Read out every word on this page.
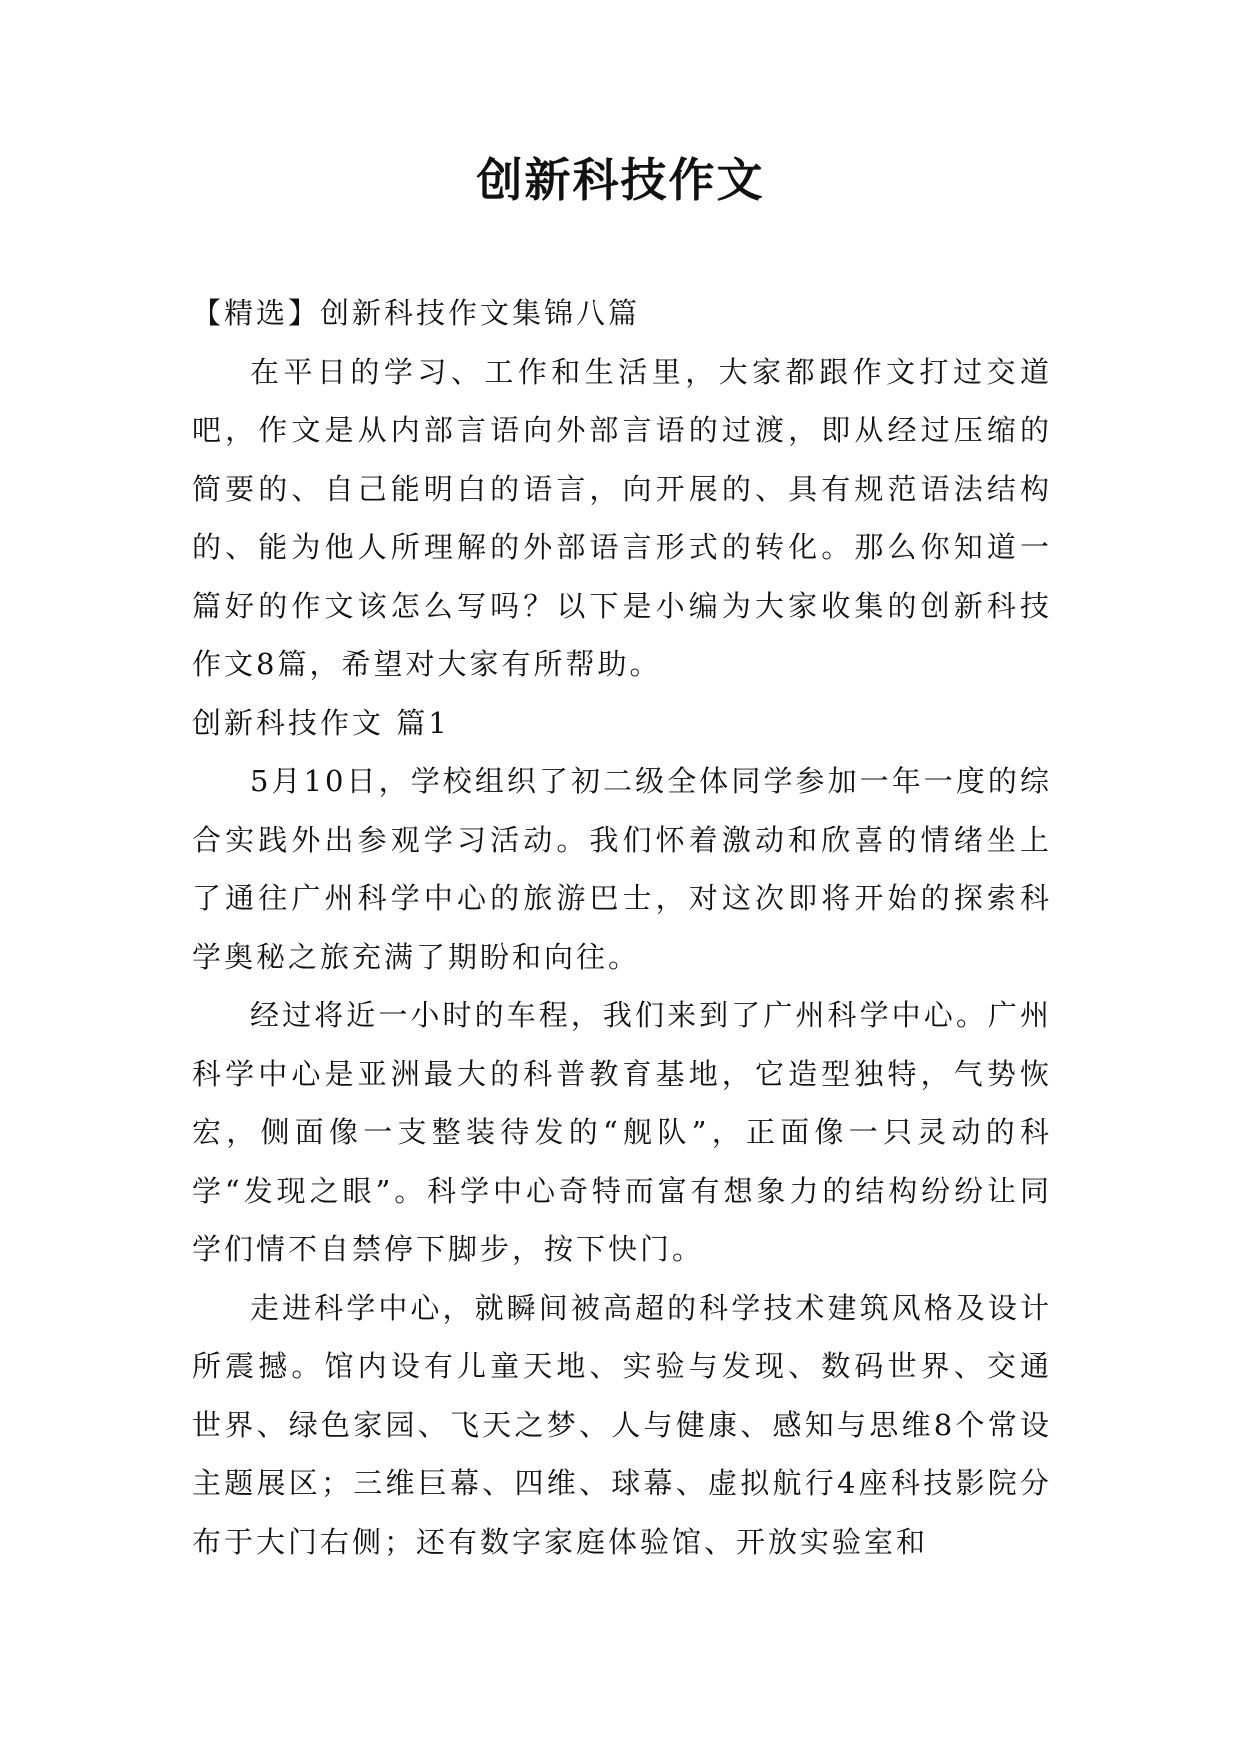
创新科技作文

【精选】创新科技作文集锦八篇

在平日的学习、工作和生活里，大家都跟作文打过交道吧，作文是从内部言语向外部言语的过渡，即从经过压缩的简要的、自己能明白的语言，向开展的、具有规范语法结构的、能为他人所理解的外部语言形式的转化。那么你知道一篇好的作文该怎么写吗？以下是小编为大家收集的创新科技作文8篇，希望对大家有所帮助。

创新科技作文 篇1

5月10日，学校组织了初二级全体同学参加一年一度的综合实践外出参观学习活动。我们怀着激动和欣喜的情绪坐上了通往广州科学中心的旅游巴士，对这次即将开始的探索科学奥秘之旅充满了期盼和向往。

经过将近一小时的车程，我们来到了广州科学中心。广州科学中心是亚洲最大的科普教育基地，它造型独特，气势恢宏，侧面像一支整装待发的“舰队”，正面像一只灵动的科学“发现之眼”。科学中心奇特而富有想象力的结构纷纷让同学们情不自禁停下脚步，按下快门。

走进科学中心，就瞬间被高超的科学技术建筑风格及设计所震撼。馆内设有儿童天地、实验与发现、数码世界、交通世界、绿色家园、飞天之梦、人与健康、感知与思维8个常设主题展区；三维巨幕、四维、球幕、虚拟航行4座科技影院分布于大门右侧；还有数字家庭体验馆、开放实验室和
